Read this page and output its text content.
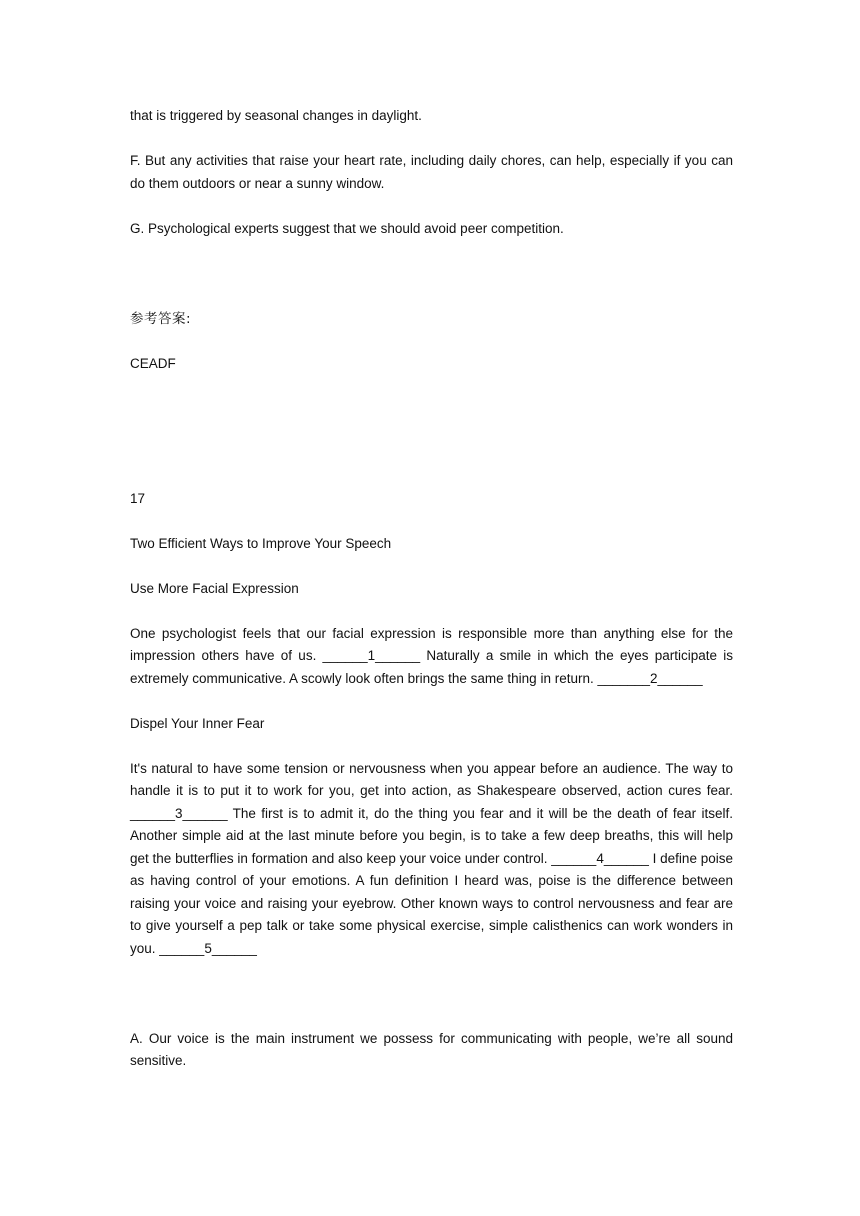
that is triggered by seasonal changes in daylight.

F. But any activities that raise your heart rate, including daily chores, can help, especially if you can do them outdoors or near a sunny window.

G. Psychological experts suggest that we should avoid peer competition.

参考答案:

CEADF

17

Two Efficient Ways to Improve Your Speech

Use More Facial Expression

One psychologist feels that our facial expression is responsible more than anything else for the impression others have of us. ______1______ Naturally a smile in which the eyes participate is extremely communicative. A scowly look often brings the same thing in return. _______2______

Dispel Your Inner Fear

It's natural to have some tension or nervousness when you appear before an audience. The way to handle it is to put it to work for you, get into action, as Shakespeare observed, action cures fear. ______3______ The first is to admit it, do the thing you fear and it will be the death of fear itself. Another simple aid at the last minute before you begin, is to take a few deep breaths, this will help get the butterflies in formation and also keep your voice under control. ______4______ I define poise as having control of your emotions. A fun definition I heard was, poise is the difference between raising your voice and raising your eyebrow. Other known ways to control nervousness and fear are to give yourself a pep talk or take some physical exercise, simple calisthenics can work wonders in you. ______5______

A. Our voice is the main instrument we possess for communicating with people, we’re all sound sensitive.
